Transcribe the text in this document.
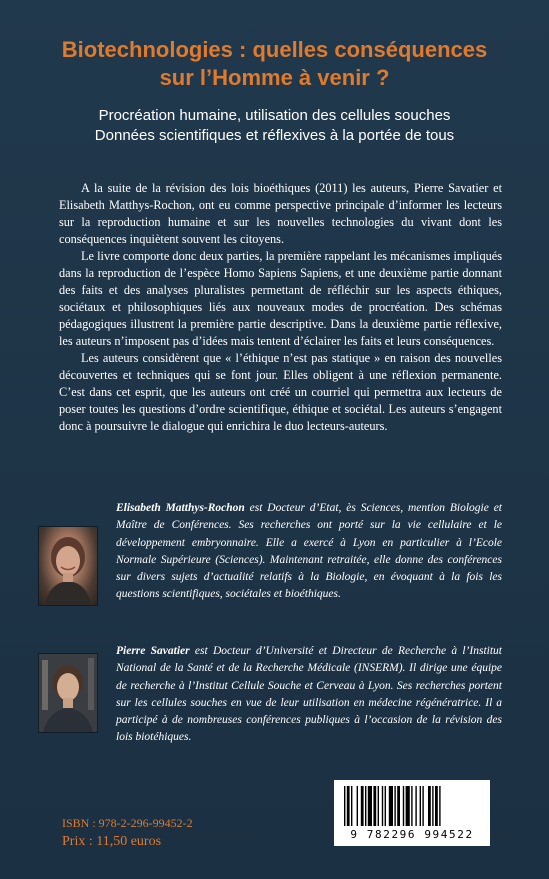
Biotechnologies : quelles conséquences
sur l’Homme à venir ?
Procréation humaine, utilisation des cellules souches
Données scientifiques et réflexives à la portée de tous

A la suite de la révision des lois bioéthiques (2011) les auteurs, Pierre Savatier et Elisabeth Matthys-Rochon, ont eu comme perspective principale d’informer les lecteurs sur la reproduction humaine et sur les nouvelles technologies du vivant dont les conséquences inquiètent souvent les citoyens.

Le livre comporte donc deux parties, la première rappelant les mécanismes impliqués dans la reproduction de l’espèce Homo Sapiens Sapiens, et une deuxième partie donnant des faits et des analyses pluralistes permettant de réfléchir sur les aspects éthiques, sociétaux et philosophiques liés aux nouveaux modes de procréation. Des schémas pédagogiques illustrent la première partie descriptive. Dans la deuxième partie réflexive, les auteurs n’imposent pas d’idées mais tentent d’éclairer les faits et leurs conséquences.

Les auteurs considèrent que « l’éthique n’est pas statique » en raison des nouvelles découvertes et techniques qui se font jour. Elles obligent à une réflexion permanente. C’est dans cet esprit, que les auteurs ont créé un courriel qui permettra aux lecteurs de poser toutes les questions d’ordre scientifique, éthique et sociétal. Les auteurs s’engagent donc à poursuivre le dialogue qui enrichira le duo lecteurs-auteurs.

Elisabeth Matthys-Rochon est Docteur d’Etat, ès Sciences, mention Biologie et Maître de Conférences. Ses recherches ont porté sur la vie cellulaire et le développement embryonnaire. Elle a exercé à Lyon en particulier à l’Ecole Normale Supérieure (Sciences). Maintenant retraitée, elle donne des conférences sur divers sujets d’actualité relatifs à la Biologie, en évoquant à la fois les questions scientifiques, sociétales et bioéthiques.

Pierre Savatier est Docteur d’Université et Directeur de Recherche à l’Institut National de la Santé et de la Recherche Médicale (INSERM). Il dirige une équipe de recherche à l’Institut Cellule Souche et Cerveau à Lyon. Ses recherches portent sur les cellules souches en vue de leur utilisation en médecine régénératrice. Il a participé à de nombreuses conférences publiques à l’occasion de la révision des lois biotéhiques.

ISBN : 978-2-296-99452-2

Prix : 11,50 euros	9 782296 994522
